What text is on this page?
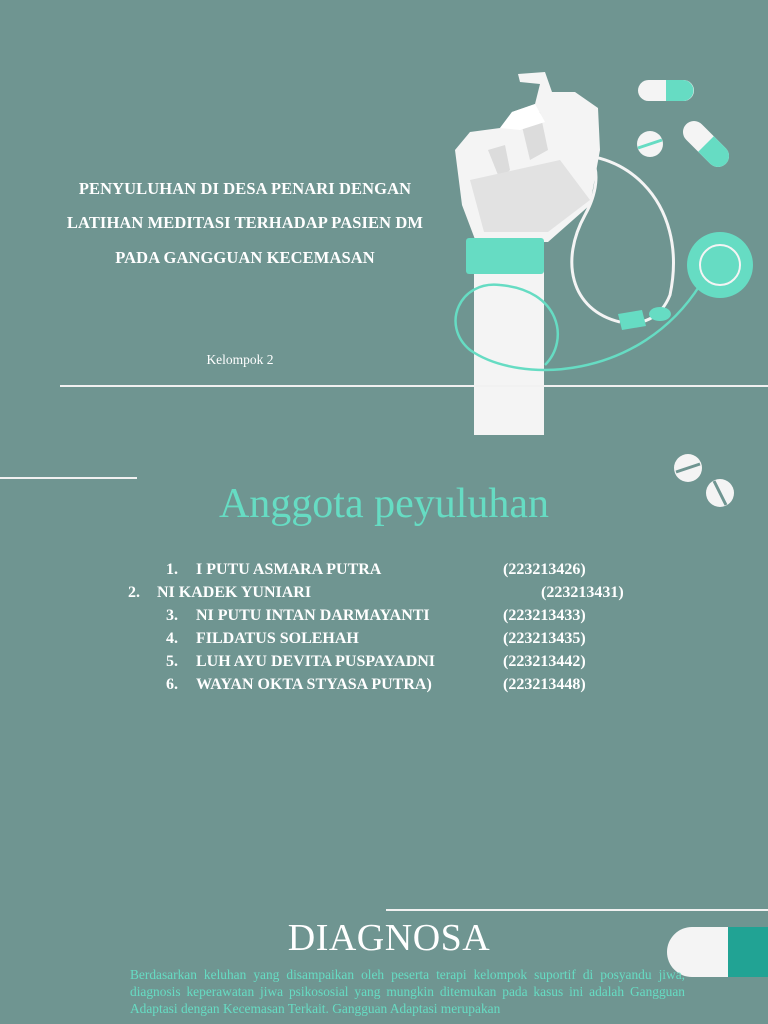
PENYULUHAN DI DESA PENARI DENGAN
LATIHAN MEDITASI TERHADAP PASIEN DM
PADA GANGGUAN KECEMASAN
Kelompok 2
Anggota peyuluhan
1. I PUTU ASMARA PUTRA	(223213426)
2. NI KADEK YUNIARI	(223213431)
3. NI PUTU INTAN DARMAYANTI	(223213433)
4. FILDATUS SOLEHAH	(223213435)
5. LUH AYU DEVITA PUSPAYADNI	(223213442)
6. WAYAN OKTA STYASA PUTRA)	(223213448)
DIAGNOSA
Berdasarkan keluhan yang disampaikan oleh peserta terapi kelompok suportif di posyandu jiwa, diagnosis keperawatan jiwa psikososial yang mungkin ditemukan pada kasus ini adalah Gangguan Adaptasi dengan Kecemasan Terkait. Gangguan Adaptasi merupakan
